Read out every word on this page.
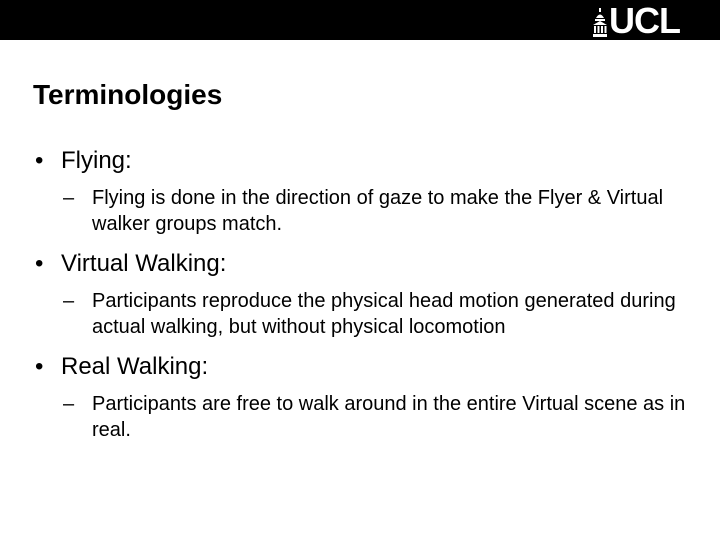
UCL
Terminologies
• Flying:
– Flying is done in the direction of gaze to make the Flyer & Virtual walker groups match.
• Virtual Walking:
– Participants reproduce the physical head motion generated during actual walking, but without physical locomotion
• Real Walking:
– Participants are free to walk around in the entire Virtual scene as in real.
